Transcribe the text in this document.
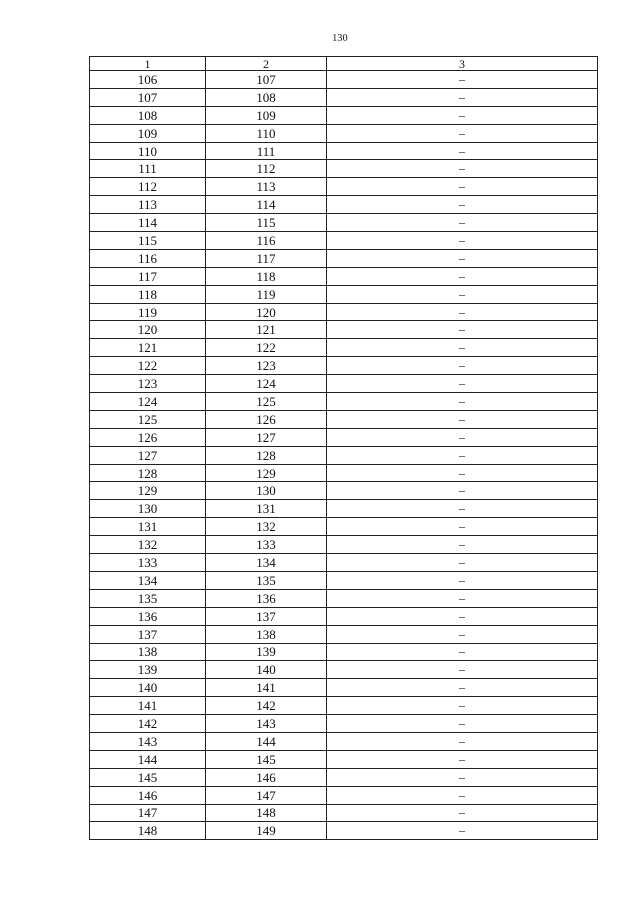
130
1	2	3
106	107	–
107	108	–
108	109	–
109	110	–
110	111	–
111	112	–
112	113	–
113	114	–
114	115	–
115	116	–
116	117	–
117	118	–
118	119	–
119	120	–
120	121	–
121	122	–
122	123	–
123	124	–
124	125	–
125	126	–
126	127	–
127	128	–
128	129	–
129	130	–
130	131	–
131	132	–
132	133	–
133	134	–
134	135	–
135	136	–
136	137	–
137	138	–
138	139	–
139	140	–
140	141	–
141	142	–
142	143	–
143	144	–
144	145	–
145	146	–
146	147	–
147	148	–
148	149	–
